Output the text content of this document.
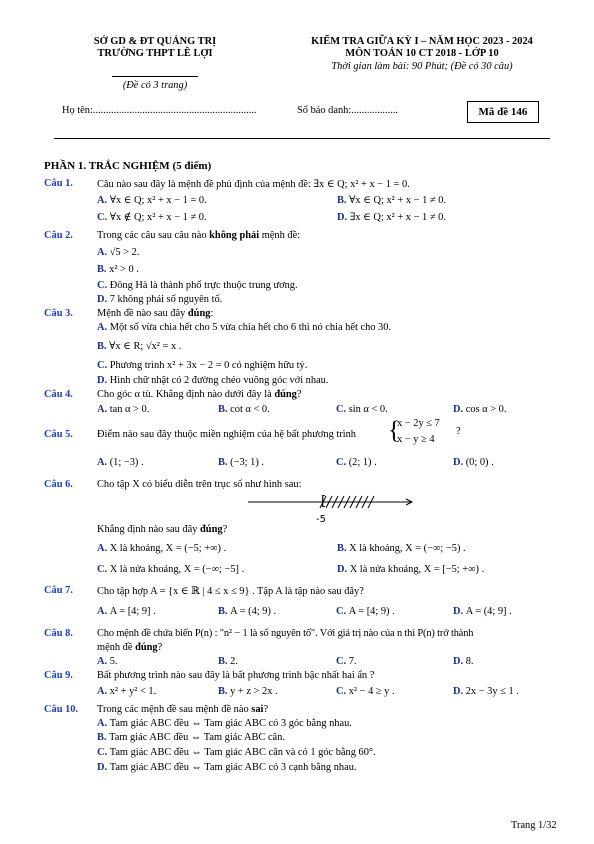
SỞ GD & ĐT QUẢNG TRỊ
TRƯỜNG THPT LÊ LỢI
(Đề có 3 trang)
KIỂM TRA GIỮA KỲ I – NĂM HỌC 2023 - 2024
MÔN TOÁN 10 CT 2018 - LỚP 10
Thời gian làm bài: 90 Phút; (Đề có 30 câu)
Họ tên:...............................................................	Số báo danh:..................	Mã đề 146
PHẦN 1. TRẮC NGHIỆM (5 điểm)
Câu 1. Câu nào sau đây là mệnh đề phủ định của mệnh đề: ∃x ∈ Q; x² + x − 1 = 0.
A. ∀x ∈ Q; x² + x − 1 = 0.	B. ∀x ∈ Q; x² + x − 1 ≠ 0.
C. ∀x ∉ Q; x² + x − 1 ≠ 0.	D. ∃x ∈ Q; x² + x − 1 ≠ 0.
Câu 2. Trong các câu sau câu nào không phải mệnh đề:
A. √5 > 2.
B. x² > 0 .
C. Đông Hà là thành phố trực thuộc trung ương.
D. 7 không phải số nguyên tố.
Câu 3. Mệnh đề nào sau đây đúng:
A. Một số vừa chia hết cho 5 vừa chia hết cho 6 thì nó chia hết cho 30.
B. ∀x ∈ R; √x² = x .
C. Phương trình x² + 3x − 2 = 0 có nghiệm hữu tỷ.
D. Hình chữ nhật có 2 đường chéo vuông góc với nhau.
Câu 4. Cho góc α tù. Khẳng định nào dưới đây là đúng?
A. tan α > 0.	B. cot α < 0.	C. sin α < 0.	D. cos α > 0.
Câu 5. Điểm nào sau đây thuộc miền nghiệm của hệ bất phương trình {
x − 2y ≤ 7
x − y ≥ 4
?
A. (1; −3) .	B. (−3; 1) .	C. (2; 1) .	D. (0; 0) .
Câu 6. Cho tập X có biểu diễn trên trục số như hình sau:
[
-5
Khẳng định nào sau đây đúng?
A. X là khoảng, X = (−5; +∞) .	B. X là khoảng, X = (−∞; −5) .
C. X là nửa khoảng, X = (−∞; −5] .	D. X là nửa khoảng, X = [−5; +∞) .
Câu 7. Cho tập hợp A = {x ∈ ℝ | 4 ≤ x ≤ 9} . Tập A là tập nào sau đây?
A. A = [4; 9] .	B. A = (4; 9) .	C. A = [4; 9) .	D. A = (4; 9] .
Câu 8. Cho mệnh đề chứa biến P(n) : "n² − 1 là số nguyên tố". Với giá trị nào của n thì P(n) trở thành
mệnh đề đúng?
A. 5.	B. 2.	C. 7.	D. 8.
Câu 9. Bất phương trình nào sau đây là bất phương trình bậc nhất hai ẩn ?
A. x² + y² < 1.	B. y + z > 2x .	C. x² − 4 ≥ y .	D. 2x − 3y ≤ 1 .
Câu 10. Trong các mệnh đề sau mệnh đề nào sai?
A. Tam giác ABC đều ⇔ Tam giác ABC có 3 góc bằng nhau.
B. Tam giác ABC đều ⇔ Tam giác ABC cân.
C. Tam giác ABC đều ⇔ Tam giác ABC cân và có 1 góc bằng 60°.
D. Tam giác ABC đều ⇔ Tam giác ABC có 3 cạnh bằng nhau.
Trang 1/32
